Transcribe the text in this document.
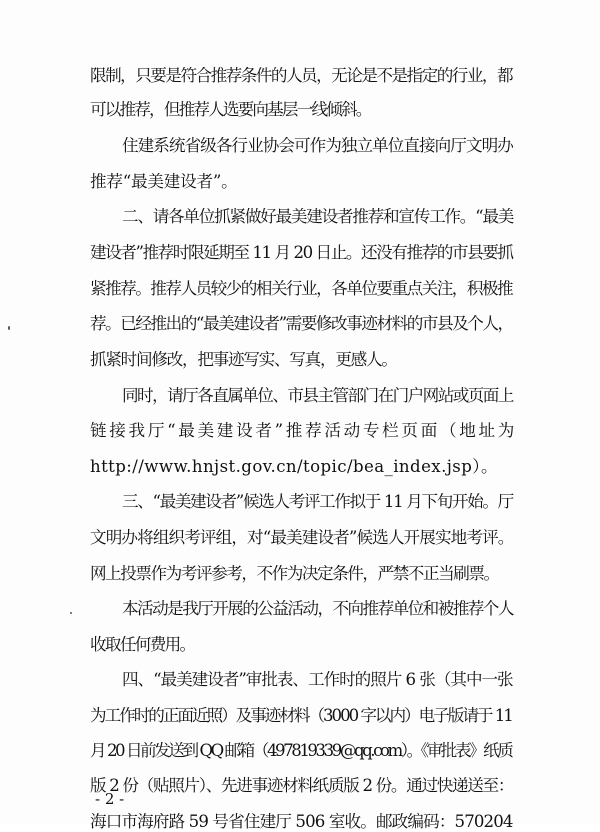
限制，只要是符合推荐条件的人员，无论是不是指定的行业，都
可以推荐，但推荐人选要向基层一线倾斜。
住建系统省级各行业协会可作为独立单位直接向厅文明办
推荐“最美建设者”。
二、请各单位抓紧做好最美建设者推荐和宣传工作。“最美
建设者”推荐时限延期至 11 月 20 日止。还没有推荐的市县要抓
紧推荐。推荐人员较少的相关行业，各单位要重点关注，积极推
荐。已经推出的“最美建设者”需要修改事迹材料的市县及个人，
抓紧时间修改，把事迹写实、写真，更感人。
同时，请厅各直属单位、市县主管部门在门户网站或页面上
链接我厅“最美建设者”推荐活动专栏页面（地址为
http://www.hnjst.gov.cn/topic/bea_index.jsp）。
三、“最美建设者”候选人考评工作拟于 11 月下旬开始。厅
文明办将组织考评组，对“最美建设者”候选人开展实地考评。
网上投票作为考评参考，不作为决定条件，严禁不正当刷票。
本活动是我厅开展的公益活动，不向推荐单位和被推荐个人
收取任何费用。
四、“最美建设者”审批表、工作时的照片 6 张（其中一张
为工作时的正面近照）及事迹材料（3000 字以内）电子版请于 11
月 20 日前发送到 QQ 邮箱（497819339@qq.com）。《审批表》纸质
版 2 份（贴照片）、先进事迹材料纸质版 2 份。通过快递送至：
海口市海府路 59 号省住建厅 506 室收。邮政编码：570204
- 2 -
